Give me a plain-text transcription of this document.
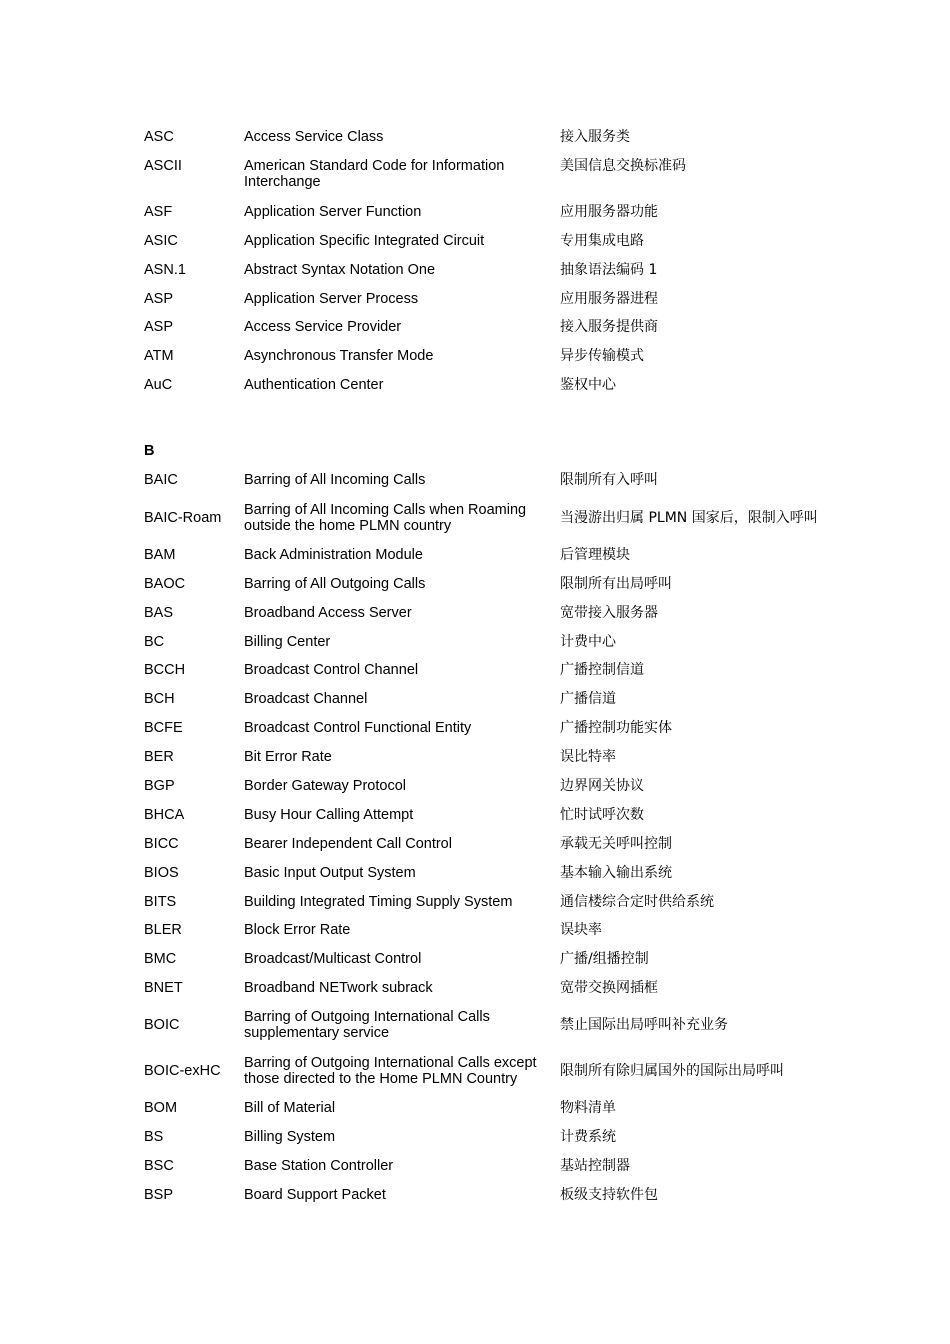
ASC	Access Service Class	接入服务类
ASCII	American Standard Code for Information Interchange	美国信息交换标准码
ASF	Application Server Function	应用服务器功能
ASIC	Application Specific Integrated Circuit	专用集成电路
ASN.1	Abstract Syntax Notation One	抽象语法编码 1
ASP	Application Server Process	应用服务器进程
ASP	Access Service Provider	接入服务提供商
ATM	Asynchronous Transfer Mode	异步传输模式
AuC	Authentication Center	鉴权中心
B
BAIC	Barring of All Incoming Calls	限制所有入呼叫
BAIC-Roam	Barring of All Incoming Calls when Roaming outside the home PLMN country	当漫游出归属 PLMN 国家后，限制入呼叫
BAM	Back Administration Module	后管理模块
BAOC	Barring of All Outgoing Calls	限制所有出局呼叫
BAS	Broadband Access Server	宽带接入服务器
BC	Billing Center	计费中心
BCCH	Broadcast Control Channel	广播控制信道
BCH	Broadcast Channel	广播信道
BCFE	Broadcast Control Functional Entity	广播控制功能实体
BER	Bit Error Rate	误比特率
BGP	Border Gateway Protocol	边界网关协议
BHCA	Busy Hour Calling Attempt	忙时试呼次数
BICC	Bearer Independent Call Control	承载无关呼叫控制
BIOS	Basic Input Output System	基本输入输出系统
BITS	Building Integrated Timing Supply System	通信楼综合定时供给系统
BLER	Block Error Rate	误块率
BMC	Broadcast/Multicast Control	广播/组播控制
BNET	Broadband NETwork subrack	宽带交换网插框
BOIC	Barring of Outgoing International Calls supplementary service	禁止国际出局呼叫补充业务
BOIC-exHC	Barring of Outgoing International Calls except those directed to the Home PLMN Country	限制所有除归属国外的国际出局呼叫
BOM	Bill of Material	物料清单
BS	Billing System	计费系统
BSC	Base Station Controller	基站控制器
BSP	Board Support Packet	板级支持软件包
